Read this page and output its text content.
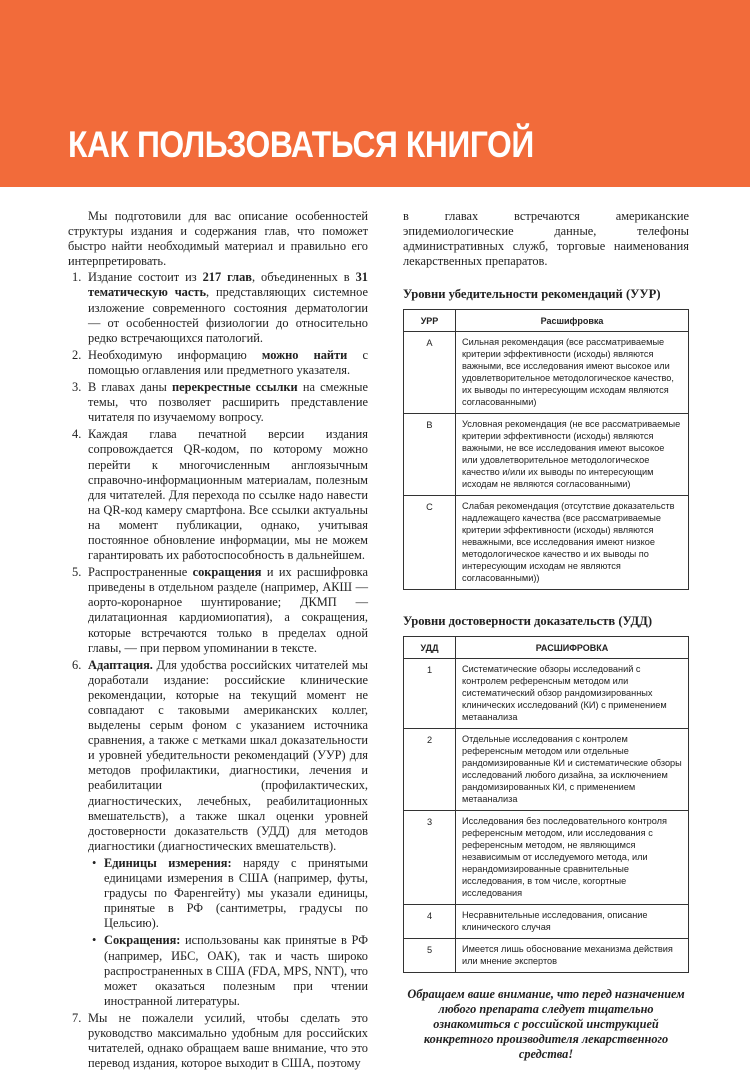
КАК ПОЛЬЗОВАТЬСЯ КНИГОЙ

Мы подготовили для вас описание особенностей структуры издания и содержания глав, что поможет быстро найти необходимый материал и правильно его интерпретировать.

1. Издание состоит из 217 глав, объединенных в 31 тематическую часть, представляющих системное изложение современного состояния дерматологии — от особенностей физиологии до относительно редко встречающихся патологий.
2. Необходимую информацию можно найти с помощью оглавления или предметного указателя.
3. В главах даны перекрестные ссылки на смежные темы, что позволяет расширить представление читателя по изучаемому вопросу.
4. Каждая глава печатной версии издания сопровождается QR-кодом, по которому можно перейти к многочисленным англоязычным справочно-информационным материалам, полезным для читателей. Для перехода по ссылке надо навести на QR-код камеру смартфона. Все ссылки актуальны на момент публикации, однако, учитывая постоянное обновление информации, мы не можем гарантировать их работоспособность в дальнейшем.
5. Распространенные сокращения и их расшифровка приведены в отдельном разделе (например, АКШ — аорто-коронарное шунтирование; ДКМП — дилатационная кардиомиопатия), а сокращения, которые встречаются только в пределах одной главы, — при первом упоминании в тексте.
6. Адаптация. Для удобства российских читателей мы доработали издание: российские клинические рекомендации, которые на текущий момент не совпадают с таковыми американских коллег, выделены серым фоном с указанием источника сравнения, а также с метками шкал доказательности и уровней убедительности рекомендаций (УУР) для методов профилактики, диагностики, лечения и реабилитации (профилактических, диагностических, лечебных, реабилитационных вмешательств), а также шкал оценки уровней достоверности доказательств (УДД) для методов диагностики (диагностических вмешательств).
• Единицы измерения: наряду с принятыми единицами измерения в США (например, футы, градусы по Фаренгейту) мы указали единицы, принятые в РФ (сантиметры, градусы по Цельсию).
• Сокращения: использованы как принятые в РФ (например, ИБС, ОАК), так и часть широко распространенных в США (FDA, MPS, NNT), что может оказаться полезным при чтении иностранной литературы.
7. Мы не пожалели усилий, чтобы сделать это руководство максимально удобным для российских читателей, однако обращаем ваше внимание, что это перевод издания, которое выходит в США, поэтому

в главах встречаются американские эпидемиологические данные, телефоны административных служб, торговые наименования лекарственных препаратов.

Уровни убедительности рекомендаций (УУР)
УРР	Расшифровка
А	Сильная рекомендация (все рассматриваемые критерии эффективности (исходы) являются важными, все исследования имеют высокое или удовлетворительное методологическое качество, их выводы по интересующим исходам являются согласованными)
В	Условная рекомендация (не все рассматриваемые критерии эффективности (исходы) являются важными, не все исследования имеют высокое или удовлетворительное методологическое качество и/или их выводы по интересующим исходам не являются согласованными)
С	Слабая рекомендация (отсутствие доказательств надлежащего качества (все рассматриваемые критерии эффективности (исходы) являются неважными, все исследования имеют низкое методологическое качество и их выводы по интересующим исходам не являются согласованными))
Уровни достоверности доказательств (УДД)
УДД	РАСШИФРОВКА
1	Систематические обзоры исследований с контролем референсным методом или систематический обзор рандомизированных клинических исследований (КИ) с применением метаанализа
2	Отдельные исследования с контролем референсным методом или отдельные рандомизированные КИ и систематические обзоры исследований любого дизайна, за исключением рандомизированных КИ, с применением метаанализа
3	Исследования без последовательного контроля референсным методом, или исследования с референсным методом, не являющимся независимым от исследуемого метода, или нерандомизированные сравнительные исследования, в том числе, когортные исследования
4	Несравнительные исследования, описание клинического случая
5	Имеется лишь обоснование механизма действия или мнение экспертов

Обращаем ваше внимание, что перед назначением любого препарата следует тщательно ознакомиться с российской инструкцией конкретного производителя лекарственного средства!
